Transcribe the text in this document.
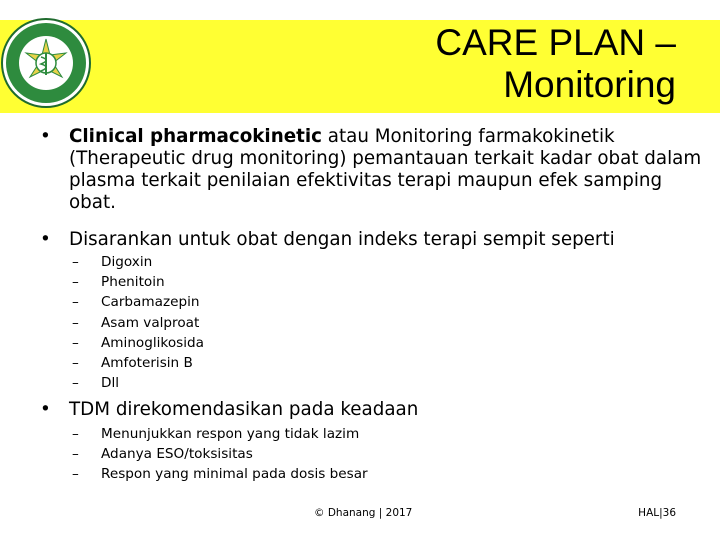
CARE PLAN –
Monitoring
• Clinical pharmacokinetic atau Monitoring farmakokinetik (Therapeutic drug monitoring) pemantauan terkait kadar obat dalam plasma terkait penilaian efektivitas terapi maupun efek samping obat.
• Disarankan untuk obat dengan indeks terapi sempit seperti
– Digoxin
– Phenitoin
– Carbamazepin
– Asam valproat
– Aminoglikosida
– Amfoterisin B
– Dll
• TDM direkomendasikan pada keadaan
– Menunjukkan respon yang tidak lazim
– Adanya ESO/toksisitas
– Respon yang minimal pada dosis besar
© Dhanang | 2017	HAL|36
